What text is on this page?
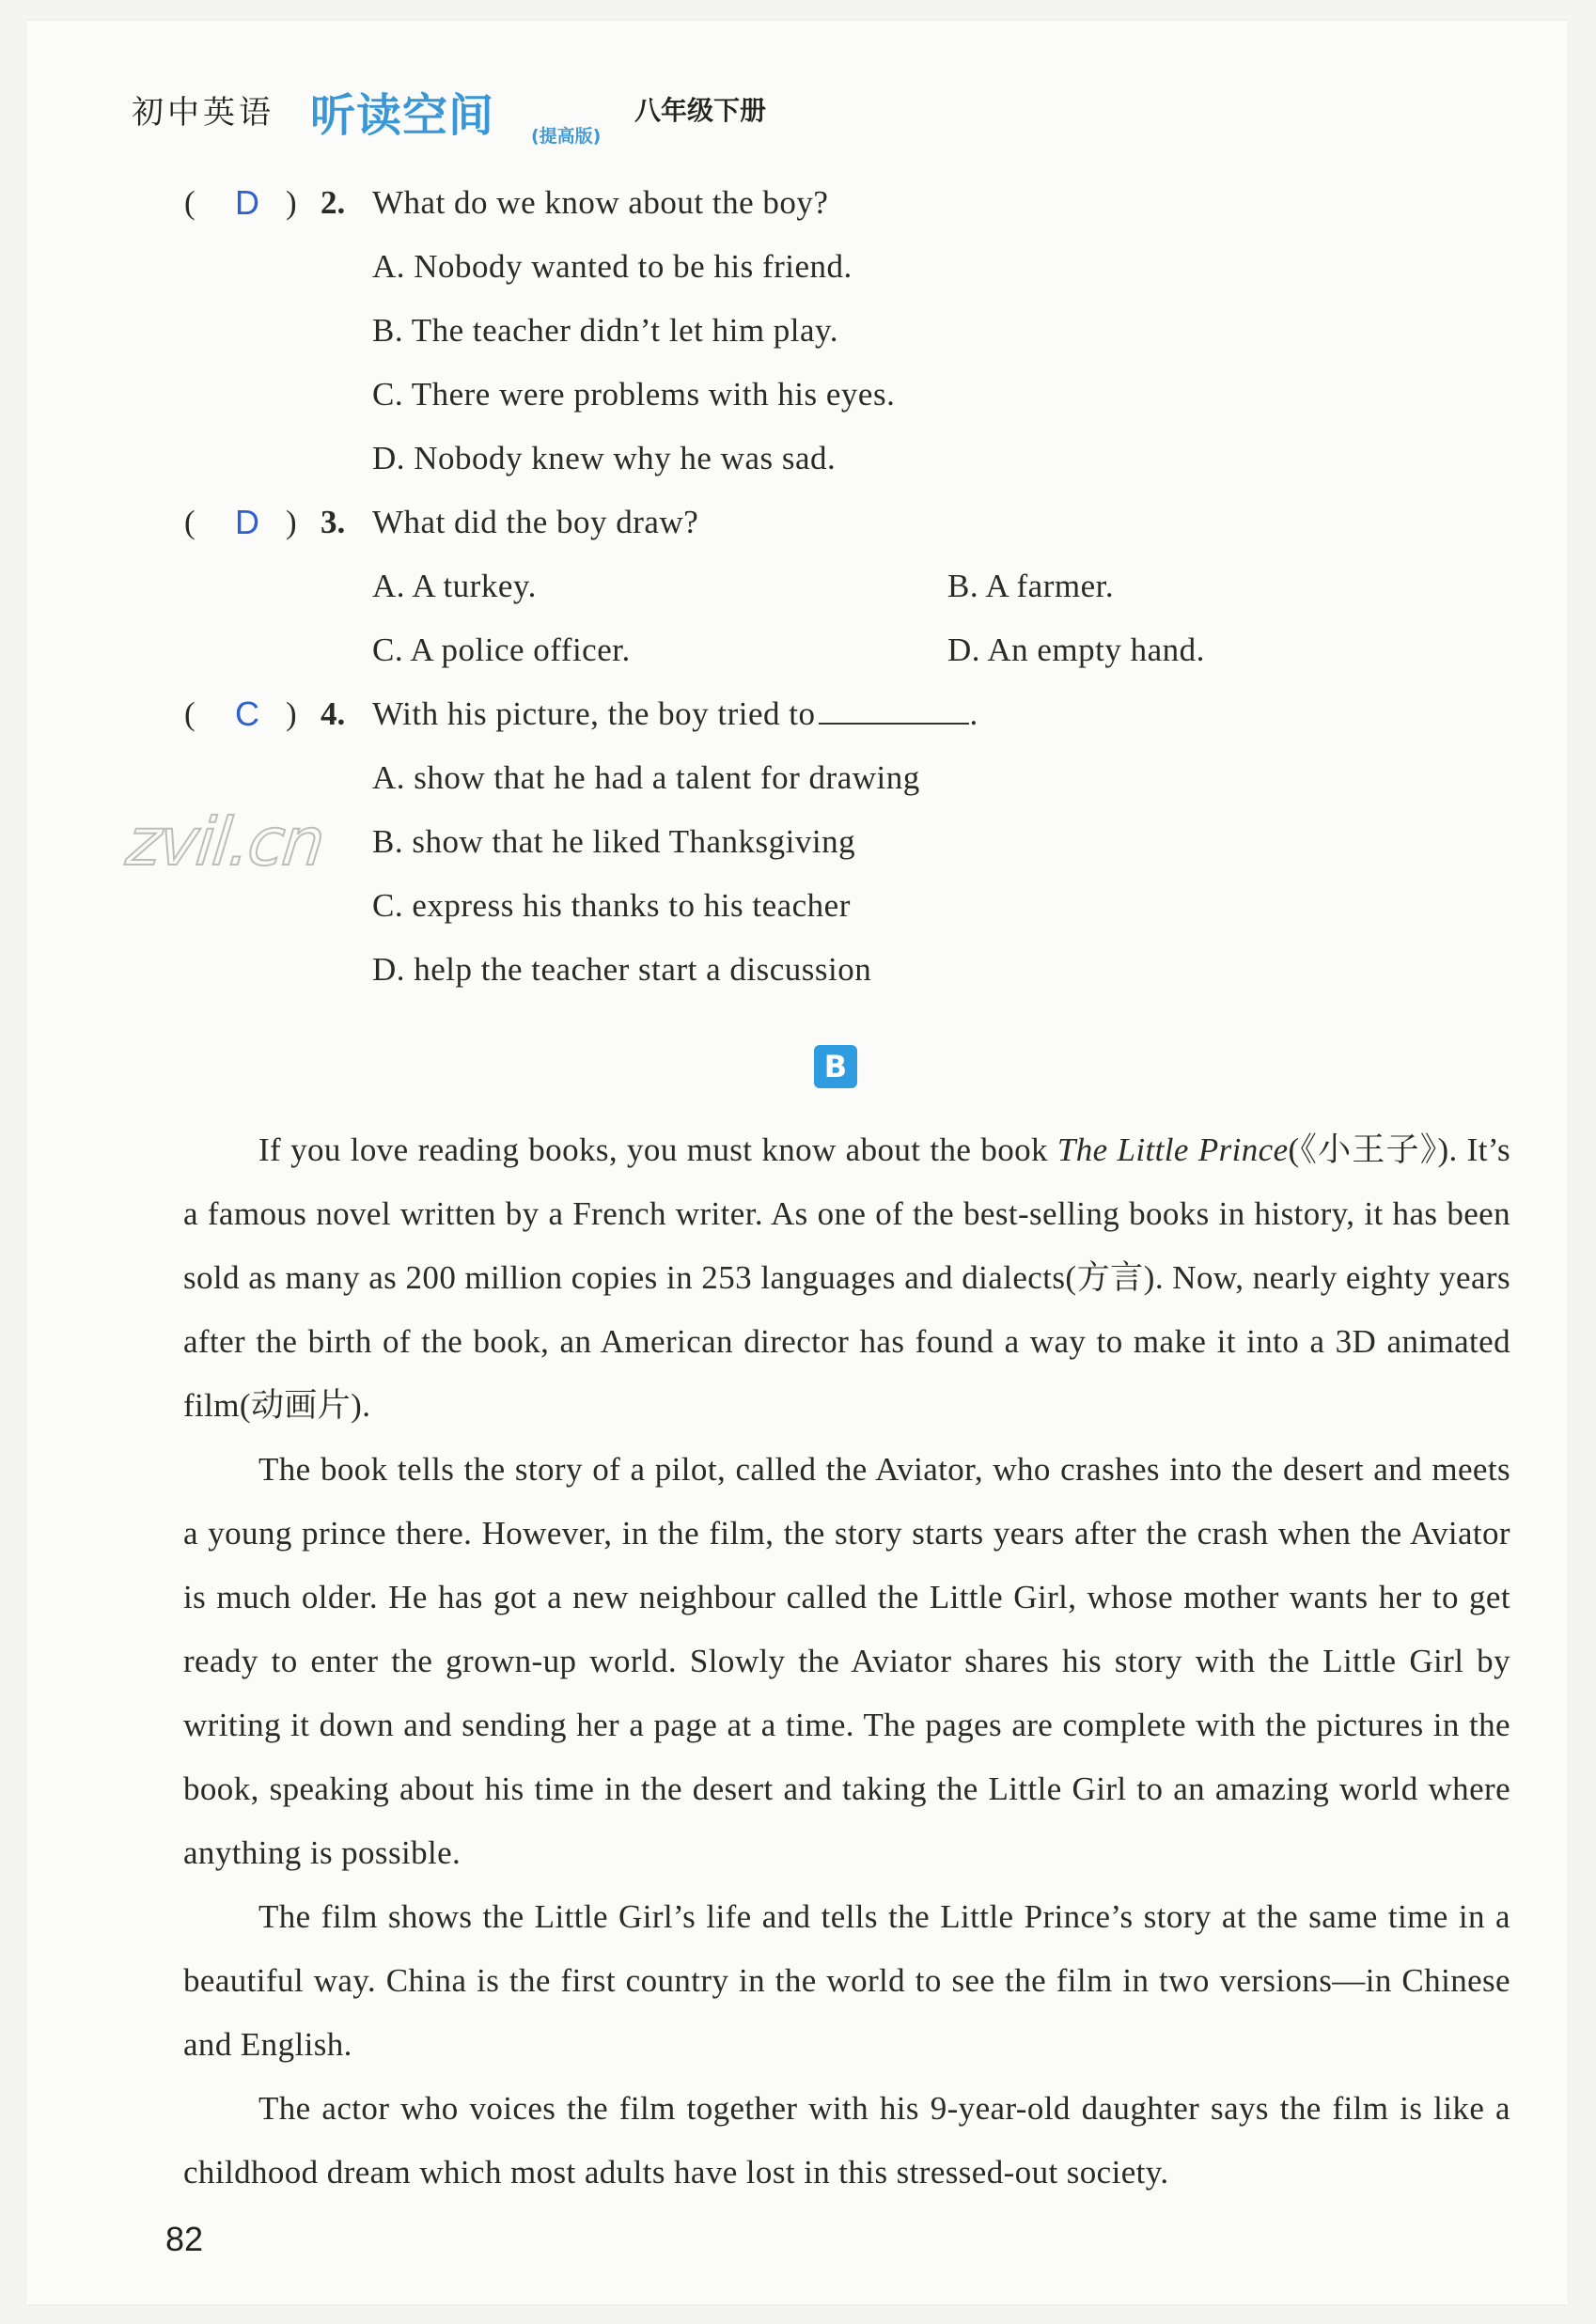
初中英语 听读空间 (提高版)
八年级下册
(	D ) 2. What do we know about the boy?
A. Nobody wanted to be his friend.
B. The teacher didn’t let him play.
C. There were problems with his eyes.
D. Nobody knew why he was sad.
(	D ) 3. What did the boy draw?
A. A turkey.	B. A farmer.
C. A police officer.	D. An empty hand.
(	C ) 4. With his picture, the boy tried to	.
A. show that he had a talent for drawing
B. show that he liked Thanksgiving
C. express his thanks to his teacher
D. help the teacher start a discussion
zvil.cn
B

If you love reading books, you must know about the book The Little Prince(《小王子》). It’s a famous novel written by a French writer. As one of the best-selling books in history, it has been sold as many as 200 million copies in 253 languages and dialects(方言). Now, nearly eighty years after the birth of the book, an American director has found a way to make it into a 3D animated film(动画片).

The book tells the story of a pilot, called the Aviator, who crashes into the desert and meets a young prince there. However, in the film, the story starts years after the crash when the Aviator is much older. He has got a new neighbour called the Little Girl, whose mother wants her to get ready to enter the grown-up world. Slowly the Aviator shares his story with the Little Girl by writing it down and sending her a page at a time. The pages are complete with the pictures in the book, speaking about his time in the desert and taking the Little Girl to an amazing world where anything is possible.

The film shows the Little Girl’s life and tells the Little Prince’s story at the same time in a beautiful way. China is the first country in the world to see the film in two versions—in Chinese and English.

The actor who voices the film together with his 9-year-old daughter says the film is like a childhood dream which most adults have lost in this stressed-out society.

82
